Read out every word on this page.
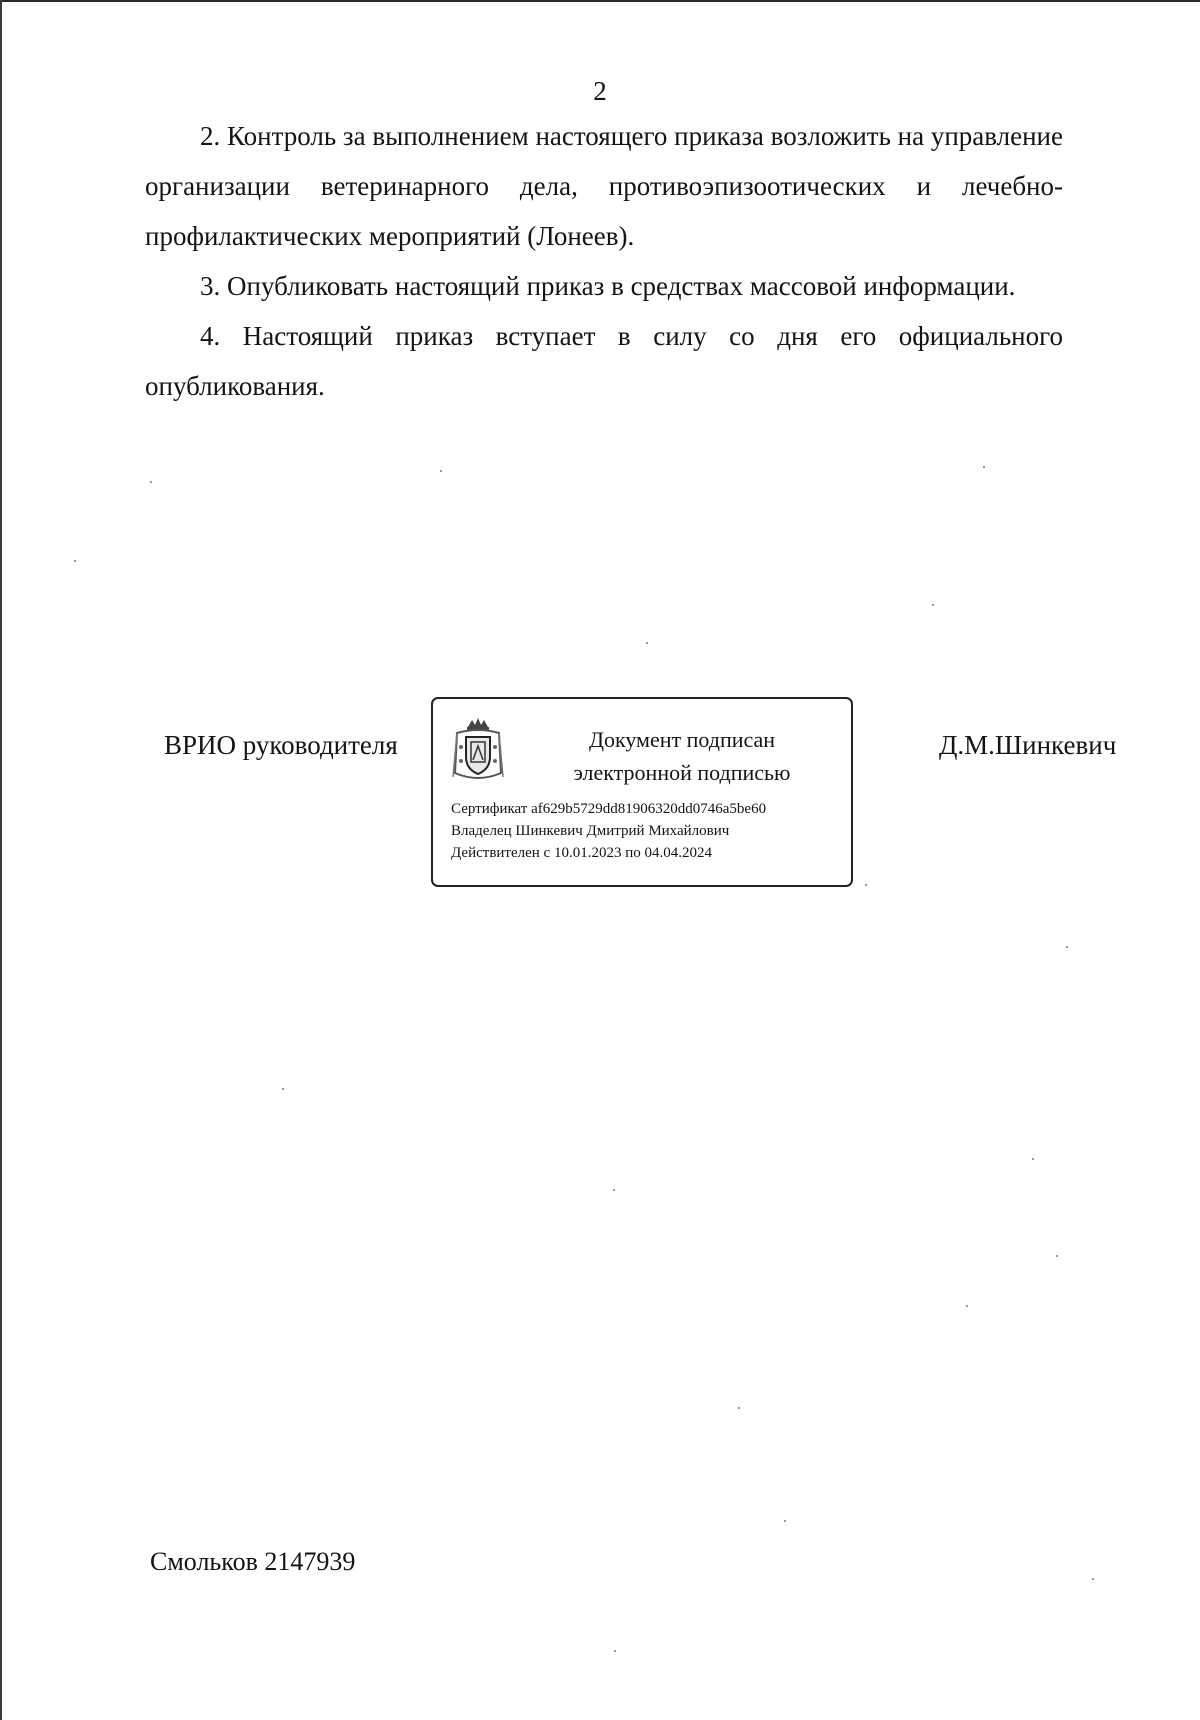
2

2. Контроль за выполнением настоящего приказа возложить на управление организации ветеринарного дела, противоэпизоотических и лечебно-профилактических мероприятий (Лонеев).

3. Опубликовать настоящий приказ в средствах массовой информации.

4. Настоящий приказ вступает в силу со дня его официального опубликования.

ВРИО руководителя	Документ подписан
электронной подписью
Сертификат af629b5729dd81906320dd0746a5be60
Владелец Шинкевич Дмитрий Михайлович
Действителен с 10.01.2023 по 04.04.2024
Д.М.Шинкевич
Смольков 2147939
